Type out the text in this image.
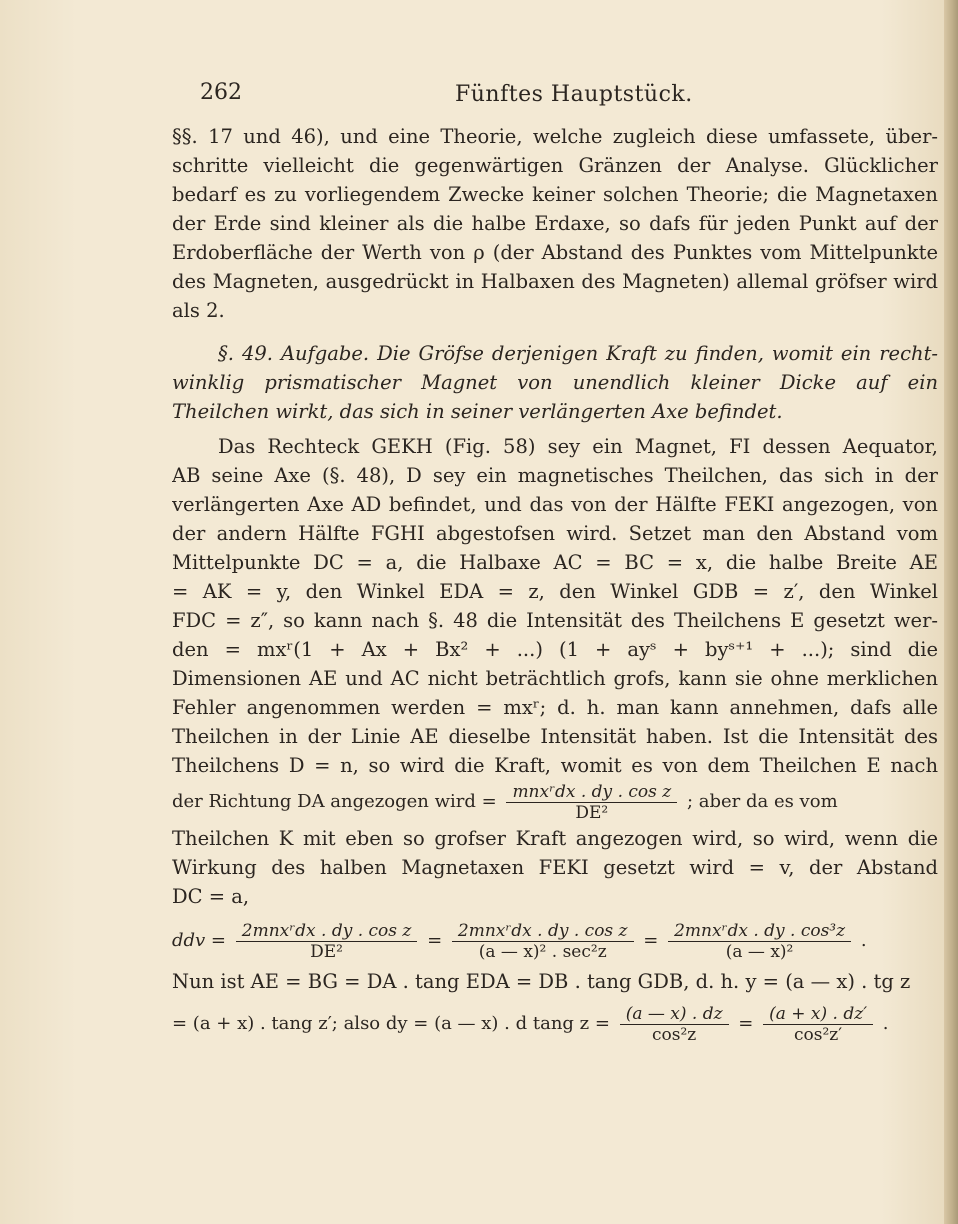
262	Fünftes Hauptstück.
§§. 17 und 46), und eine Theorie, welche zugleich diese umfassete, über-
schritte vielleicht die gegenwärtigen Gränzen der Analyse. Glücklicher
bedarf es zu vorliegendem Zwecke keiner solchen Theorie; die Magnetaxen
der Erde sind kleiner als die halbe Erdaxe, so dafs für jeden Punkt auf der
Erdoberfläche der Werth von ρ (der Abstand des Punktes vom Mittelpunkte
des Magneten, ausgedrückt in Halbaxen des Magneten) allemal gröfser wird
als 2.
§. 49. Aufgabe. Die Gröfse derjenigen Kraft zu finden, womit ein recht-
winklig prismatischer Magnet von unendlich kleiner Dicke auf ein
Theilchen wirkt, das sich in seiner verlängerten Axe befindet.
Das Rechteck GEKH (Fig. 58) sey ein Magnet, FI dessen Aequator,
AB seine Axe (§. 48), D sey ein magnetisches Theilchen, das sich in der
verlängerten Axe AD befindet, und das von der Hälfte FEKI angezogen, von
der andern Hälfte FGHI abgestofsen wird. Setzet man den Abstand vom
Mittelpunkte DC = a, die Halbaxe AC = BC = x, die halbe Breite AE
= AK = y, den Winkel EDA = z, den Winkel GDB = z′, den Winkel
FDC = z″, so kann nach §. 48 die Intensität des Theilchens E gesetzt wer-
den = mxʳ(1 + Ax + Bx² + ...) (1 + ayˢ + byˢ⁺¹ + ...); sind die
Dimensionen AE und AC nicht beträchtlich grofs, kann sie ohne merklichen
Fehler angenommen werden = mxʳ; d. h. man kann annehmen, dafs alle
Theilchen in der Linie AE dieselbe Intensität haben. Ist die Intensität des
Theilchens D = n, so wird die Kraft, womit es von dem Theilchen E nach
der Richtung DA angezogen wird = $\frac{\text{mnxʳdx . dy . cos z}}{\text{DE²}}$ ; aber da es vom
Theilchen K mit eben so grofser Kraft angezogen wird, so wird, wenn die
Wirkung des halben Magnetaxen FEKI gesetzt wird = v, der Abstand
DC = a,
ddv = $\frac{\text{2mnxʳdx . dy . cos z}}{\text{DE²}} = \frac{\text{2mnxʳdx . dy . cos z}}{\text{(a — x)² . sec²z}} = \frac{\text{2mnxʳdx . dy . cos³z}}{\text{(a — x)²}}$ .
Nun ist AE = BG = DA . tang EDA = DB . tang GDB, d. h. y = (a — x) . tg z
= (a + x) . tang z′; also dy = (a — x) . d tang $z = \frac{(a — x) . dz}{\text{cos²z}} = \frac{(a + x) . dz'}{\text{cos²z′}}$ .
